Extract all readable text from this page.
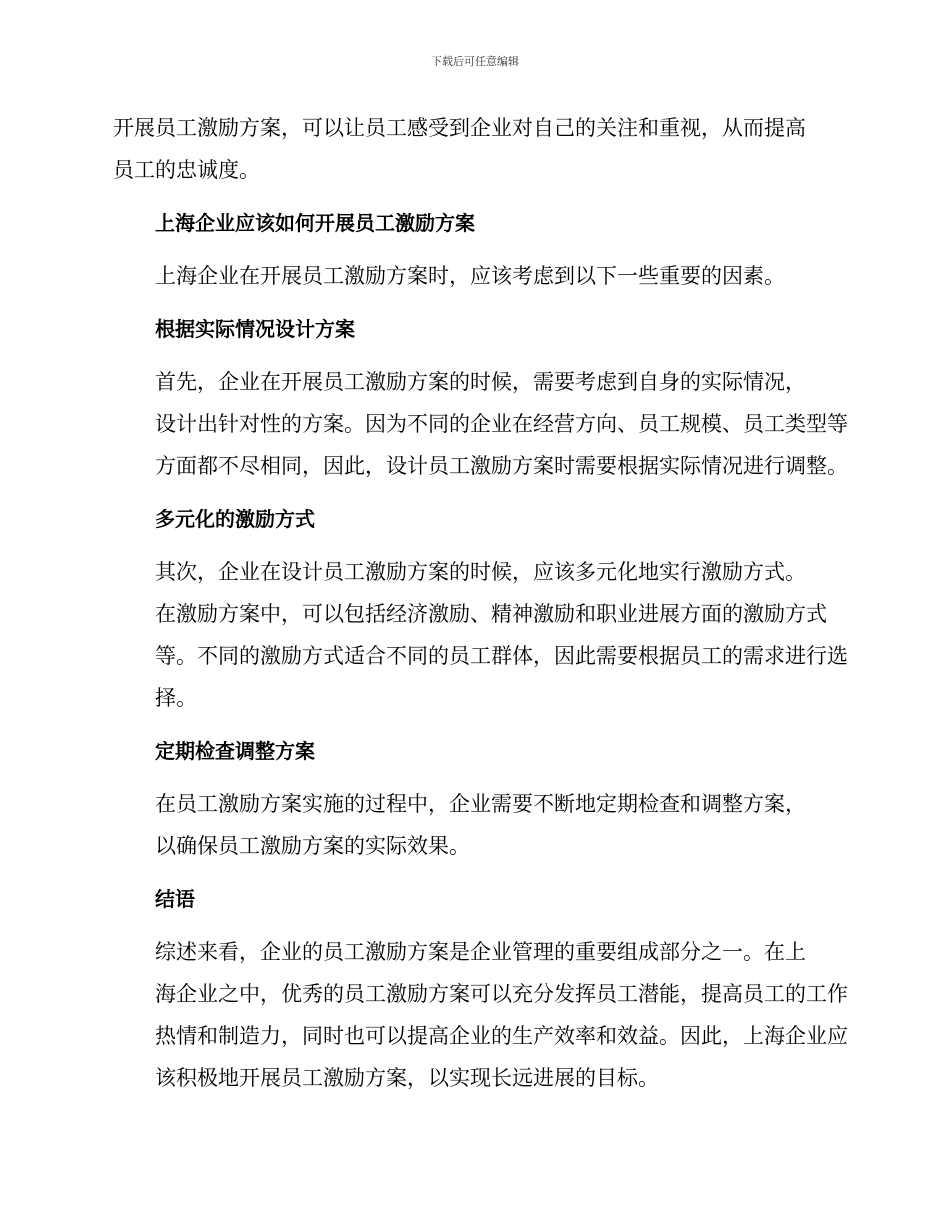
下载后可任意编辑

开展员工激励方案，可以让员工感受到企业对自己的关注和重视，从而提高
员工的忠诚度。

上海企业应该如何开展员工激励方案

上海企业在开展员工激励方案时，应该考虑到以下一些重要的因素。

根据实际情况设计方案

首先，企业在开展员工激励方案的时候，需要考虑到自身的实际情况，
设计出针对性的方案。因为不同的企业在经营方向、员工规模、员工类型等
方面都不尽相同，因此，设计员工激励方案时需要根据实际情况进行调整。

多元化的激励方式

其次，企业在设计员工激励方案的时候，应该多元化地实行激励方式。
在激励方案中，可以包括经济激励、精神激励和职业进展方面的激励方式
等。不同的激励方式适合不同的员工群体，因此需要根据员工的需求进行选
择。

定期检查调整方案

在员工激励方案实施的过程中，企业需要不断地定期检查和调整方案，
以确保员工激励方案的实际效果。

结语

综述来看，企业的员工激励方案是企业管理的重要组成部分之一。在上
海企业之中，优秀的员工激励方案可以充分发挥员工潜能，提高员工的工作
热情和制造力，同时也可以提高企业的生产效率和效益。因此，上海企业应
该积极地开展员工激励方案，以实现长远进展的目标。
